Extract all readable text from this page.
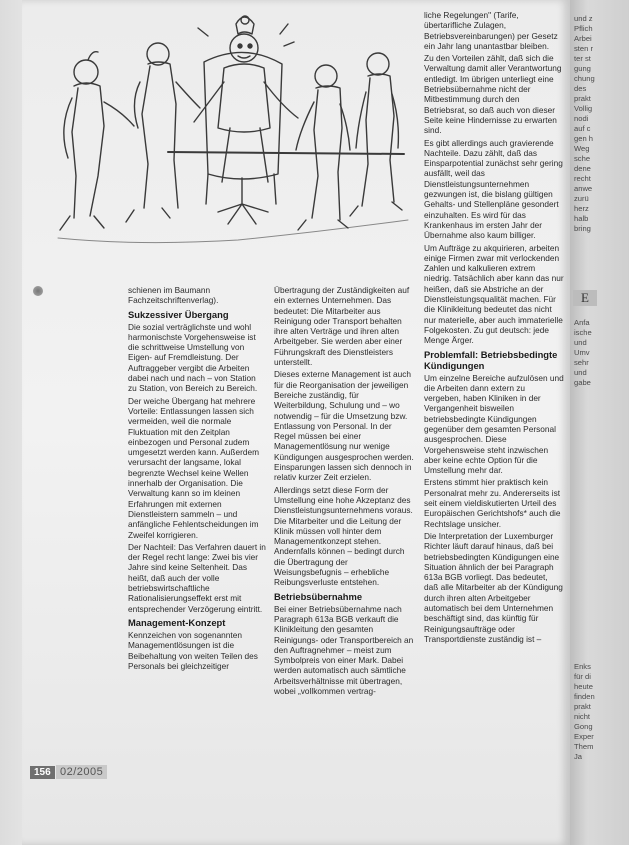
schienen im Baumann Fachzeitschriftenverlag).

Sukzessiver Übergang

Die sozial verträglichste und wohl harmonischste Vorgehensweise ist die schrittweise Umstellung von Eigen- auf Fremdleistung. Der Auftraggeber vergibt die Arbeiten dabei nach und nach – von Station zu Station, von Bereich zu Bereich.

Der weiche Übergang hat mehrere Vorteile: Entlassungen lassen sich vermeiden, weil die normale Fluktuation mit den Zeitplan einbezogen und Personal zudem umgesetzt werden kann. Außerdem verursacht der langsame, lokal begrenzte Wechsel keine Wellen innerhalb der Organisation. Die Verwaltung kann so im kleinen Erfahrungen mit externen Dienstleistern sammeln – und anfängliche Fehlentscheidungen im Zweifel korrigieren.

Der Nachteil: Das Verfahren dauert in der Regel recht lange: Zwei bis vier Jahre sind keine Seltenheit. Das heißt, daß auch der volle betriebswirtschaftliche Rationalisierungseffekt erst mit entsprechender Verzögerung eintritt.

Management-Konzept

Kennzeichen von sogenannten Managementlösungen ist die Beibehaltung von weiten Teilen des Personals bei gleichzeitiger

Übertragung der Zuständigkeiten auf ein externes Unternehmen. Das bedeutet: Die Mitarbeiter aus Reinigung oder Transport behalten ihre alten Verträge und ihren alten Arbeitgeber. Sie werden aber einer Führungskraft des Dienstleisters unterstellt.

Dieses externe Management ist auch für die Reorganisation der jeweiligen Bereiche zuständig, für Weiterbildung, Schulung und – wo notwendig – für die Umsetzung bzw. Entlassung von Personal. In der Regel müssen bei einer Managementlösung nur wenige Kündigungen ausgesprochen werden. Einsparungen lassen sich dennoch in relativ kurzer Zeit erzielen.

Allerdings setzt diese Form der Umstellung eine hohe Akzeptanz des Dienstleistungsunternehmens voraus. Die Mitarbeiter und die Leitung der Klinik müssen voll hinter dem Managementkonzept stehen. Andernfalls können – bedingt durch die Übertragung der Weisungsbefugnis – erhebliche Reibungsverluste entstehen.

Betriebsübernahme

Bei einer Betriebsübernahme nach Paragraph 613a BGB verkauft die Klinikleitung den gesamten Reinigungs- oder Transportbereich an den Auftragnehmer – meist zum Symbolpreis von einer Mark. Dabei werden automatisch auch sämtliche Arbeitsverhältnisse mit übertragen, wobei „vollkommen vertrag-

liche Regelungen" (Tarife, übertarifliche Zulagen, Betriebsvereinbarungen) per Gesetz ein Jahr lang unantastbar bleiben.

Zu den Vorteilen zählt, daß sich die Verwaltung damit aller Verantwortung entledigt. Im übrigen unterliegt eine Betriebsübernahme nicht der Mitbestimmung durch den Betriebsrat, so daß auch von dieser Seite keine Hindernisse zu erwarten sind.

Es gibt allerdings auch gravierende Nachteile. Dazu zählt, daß das Einsparpotential zunächst sehr gering ausfällt, weil das Dienstleistungsunternehmen gezwungen ist, die bislang gültigen Gehalts- und Stellenpläne gesondert einzuhalten. Es wird für das Krankenhaus im ersten Jahr der Übernahme also kaum billiger.

Um Aufträge zu akquirieren, arbeiten einige Firmen zwar mit verlockenden Zahlen und kalkulieren extrem niedrig. Tatsächlich aber kann das nur heißen, daß sie Abstriche an der Dienstleistungsqualität machen. Für die Klinikleitung bedeutet das nicht nur materielle, aber auch immaterielle Folgekosten. Zu gut deutsch: jede Menge Ärger.

Problemfall: Betriebsbedingte Kündigungen

Um einzelne Bereiche aufzulösen und die Arbeiten dann extern zu vergeben, haben Kliniken in der Vergangenheit bisweilen betriebsbedingte Kündigungen gegenüber dem gesamten Personal ausgesprochen. Diese Vorgehensweise steht inzwischen aber keine echte Option für die Umstellung mehr dar.

Erstens stimmt hier praktisch kein Personalrat mehr zu. Andererseits ist seit einem vieldiskutierten Urteil des Europäischen Gerichtshofs* auch die Rechtslage unsicher.

Die Interpretation der Luxemburger Richter läuft darauf hinaus, daß bei betriebsbedingten Kündigungen eine Situation ähnlich der bei Paragraph 613a BGB vorliegt. Das bedeutet, daß alle Mitarbeiter ab der Kündigung durch ihren alten Arbeitgeber automatisch bei dem Unternehmen beschäftigt sind, das künftig für Reinigungsaufträge oder Transportdienste zuständig ist –

156 02/2005
und z
Pflich
Arbei
sten r
ter st
gung
chung
des
prakt
Vollig
nodi
auf c
gen h
Weg
sche
dene
recht
anwe
zurü
herz
halb
bring
E
Anfa
ische
und
Umv
sehr
und
gabe
Enks
für di
heute
finden
prakt
nicht
Gong
Exper
Them
Ja
